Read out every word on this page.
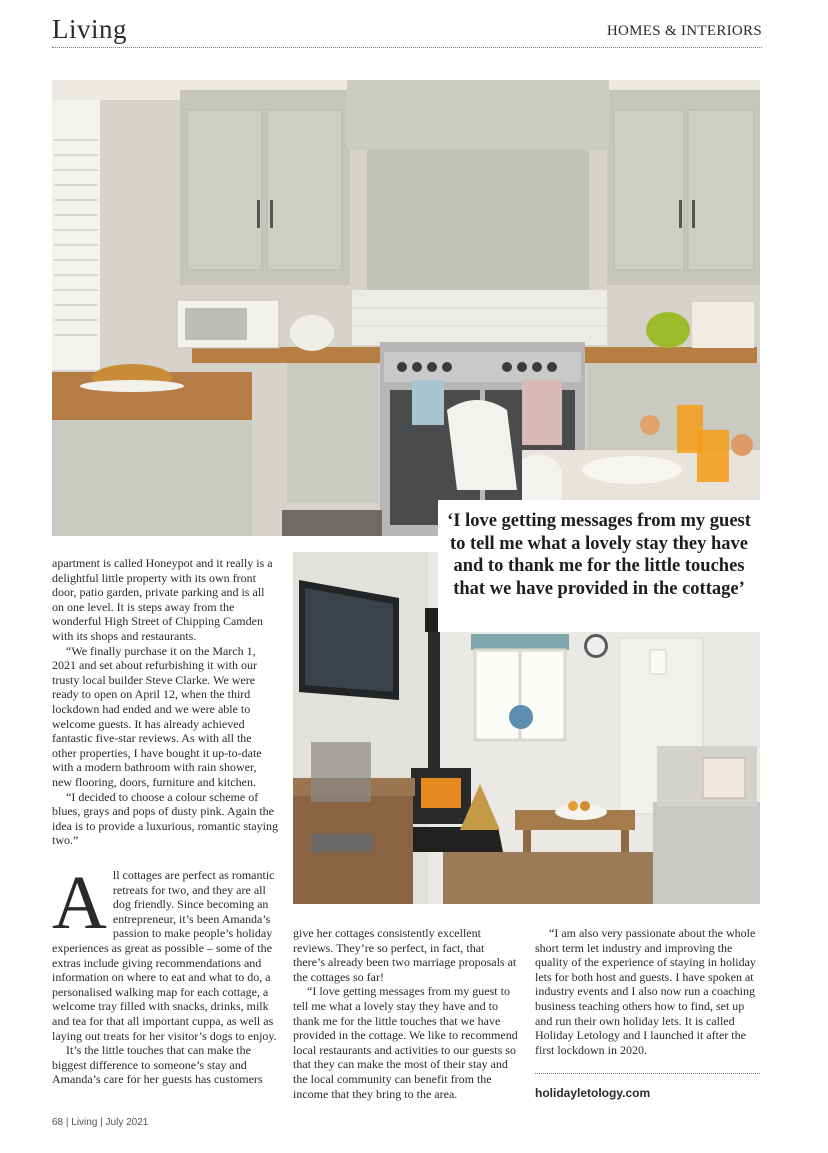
Living	HOMES & INTERIORS
‘I love getting messages from my guest to tell me what a lovely stay they have and to thank me for the little touches that we have provided in the cottage’

apartment is called Honeypot and it really is a delightful little property with its own front door, patio garden, private parking and is all on one level. It is steps away from the wonderful High Street of Chipping Camden with its shops and restaurants.

“We finally purchase it on the March 1, 2021 and set about refurbishing it with our trusty local builder Steve Clarke. We were ready to open on April 12, when the third lockdown had ended and we were able to welcome guests. It has already achieved fantastic five-star reviews. As with all the other properties, I have bought it up-to-date with a modern bathroom with rain shower, new flooring, doors, furniture and kitchen.

“I decided to choose a colour scheme of blues, grays and pops of dusty pink. Again the idea is to provide a luxurious, romantic staying two.”

A ll cottages are perfect as romantic retreats for two, and they are all dog friendly. Since becoming an entrepreneur, it’s been Amanda’s passion to make people’s holiday experiences as great as possible – some of the extras include giving recommendations and information on where to eat and what to do, a personalised walking map for each cottage, a welcome tray filled with snacks, drinks, milk and tea for that all important cuppa, as well as laying out treats for her visitor’s dogs to enjoy.

It’s the little touches that can make the biggest difference to someone’s stay and Amanda’s care for her guests has customers

give her cottages consistently excellent reviews. They’re so perfect, in fact, that there’s already been two marriage proposals at the cottages so far!

“I love getting messages from my guest to tell me what a lovely stay they have and to thank me for the little touches that we have provided in the cottage. We like to recommend local restaurants and activities to our guests so that they can make the most of their stay and the local community can benefit from the income that they bring to the area.

“I am also very passionate about the whole short term let industry and improving the quality of the experience of staying in holiday lets for both host and guests. I have spoken at industry events and I also now run a coaching business teaching others how to find, set up and run their own holiday lets. It is called Holiday Letology and I launched it after the first lockdown in 2020.

holidayletology.com
68 | Living | July 2021
